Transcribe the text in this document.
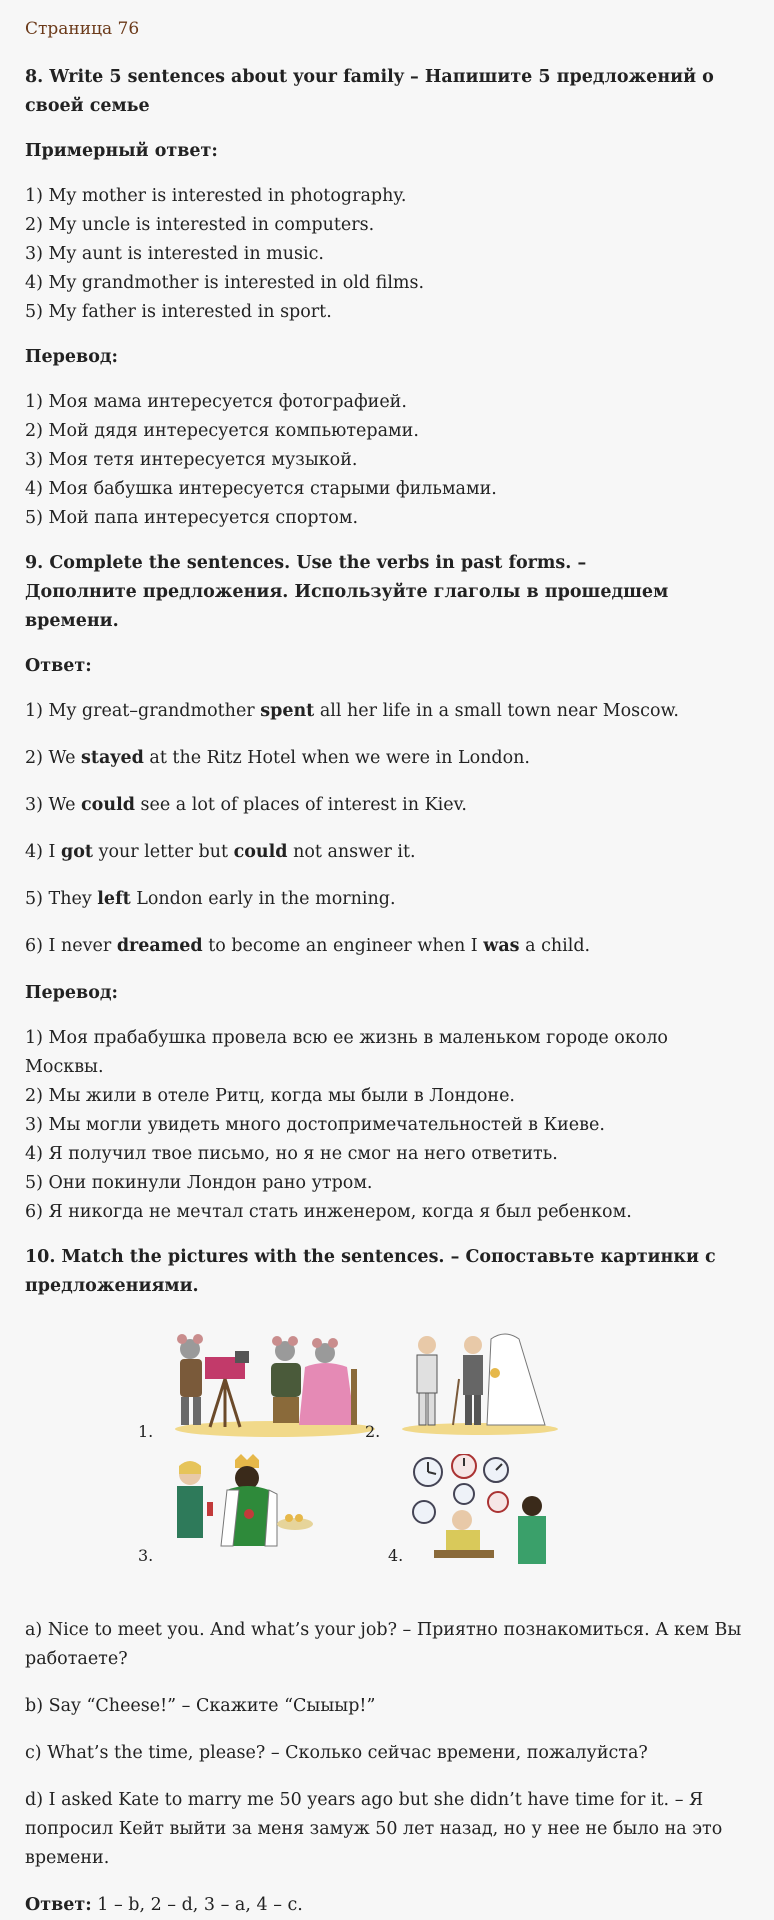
Страница 76
8. Write 5 sentences about your family – Напишите 5 предложений о своей семье
Примерный ответ:
1) My mother is interested in photography.
2) My uncle is interested in computers.
3) My aunt is interested in music.
4) My grandmother is interested in old films.
5) My father is interested in sport.
Перевод:
1) Моя мама интересуется фотографией.
2) Мой дядя интересуется компьютерами.
3) Моя тетя интересуется музыкой.
4) Моя бабушка интересуется старыми фильмами.
5) Мой папа интересуется спортом.
9. Complete the sentences. Use the verbs in past forms. –
Дополните предложения. Используйте глаголы в прошедшем времени.
Ответ:
1) My great–grandmother spent all her life in a small town near Moscow.
2) We stayed at the Ritz Hotel when we were in London.
3) We could see a lot of places of interest in Kiev.
4) I got your letter but could not answer it.
5) They left London early in the morning.
6) I never dreamed to become an engineer when I was a child.
Перевод:
1) Моя прабабушка провела всю ее жизнь в маленьком городе около Москвы.
2) Мы жили в отеле Ритц, когда мы были в Лондоне.
3) Мы могли увидеть много достопримечательностей в Киеве.
4) Я получил твое письмо, но я не смог на него ответить.
5) Они покинули Лондон рано утром.
6) Я никогда не мечтал стать инженером, когда я был ребенком.
10. Match the pictures with the sentences. – Сопоставьте картинки с предложениями.
1.	2.
3.	4.
a) Nice to meet you. And what’s your job? – Приятно познакомиться. А кем Вы работаете?
b) Say “Cheese!” – Скажите “Сыыыр!”
c) What’s the time, please? – Сколько сейчас времени, пожалуйста?
d) I asked Kate to marry me 50 years ago but she didn’t have time for it. – Я попросил Кейт выйти за меня замуж 50 лет назад, но у нее не было на это времени.
Ответ: 1 – b, 2 – d, 3 – a, 4 – c.
